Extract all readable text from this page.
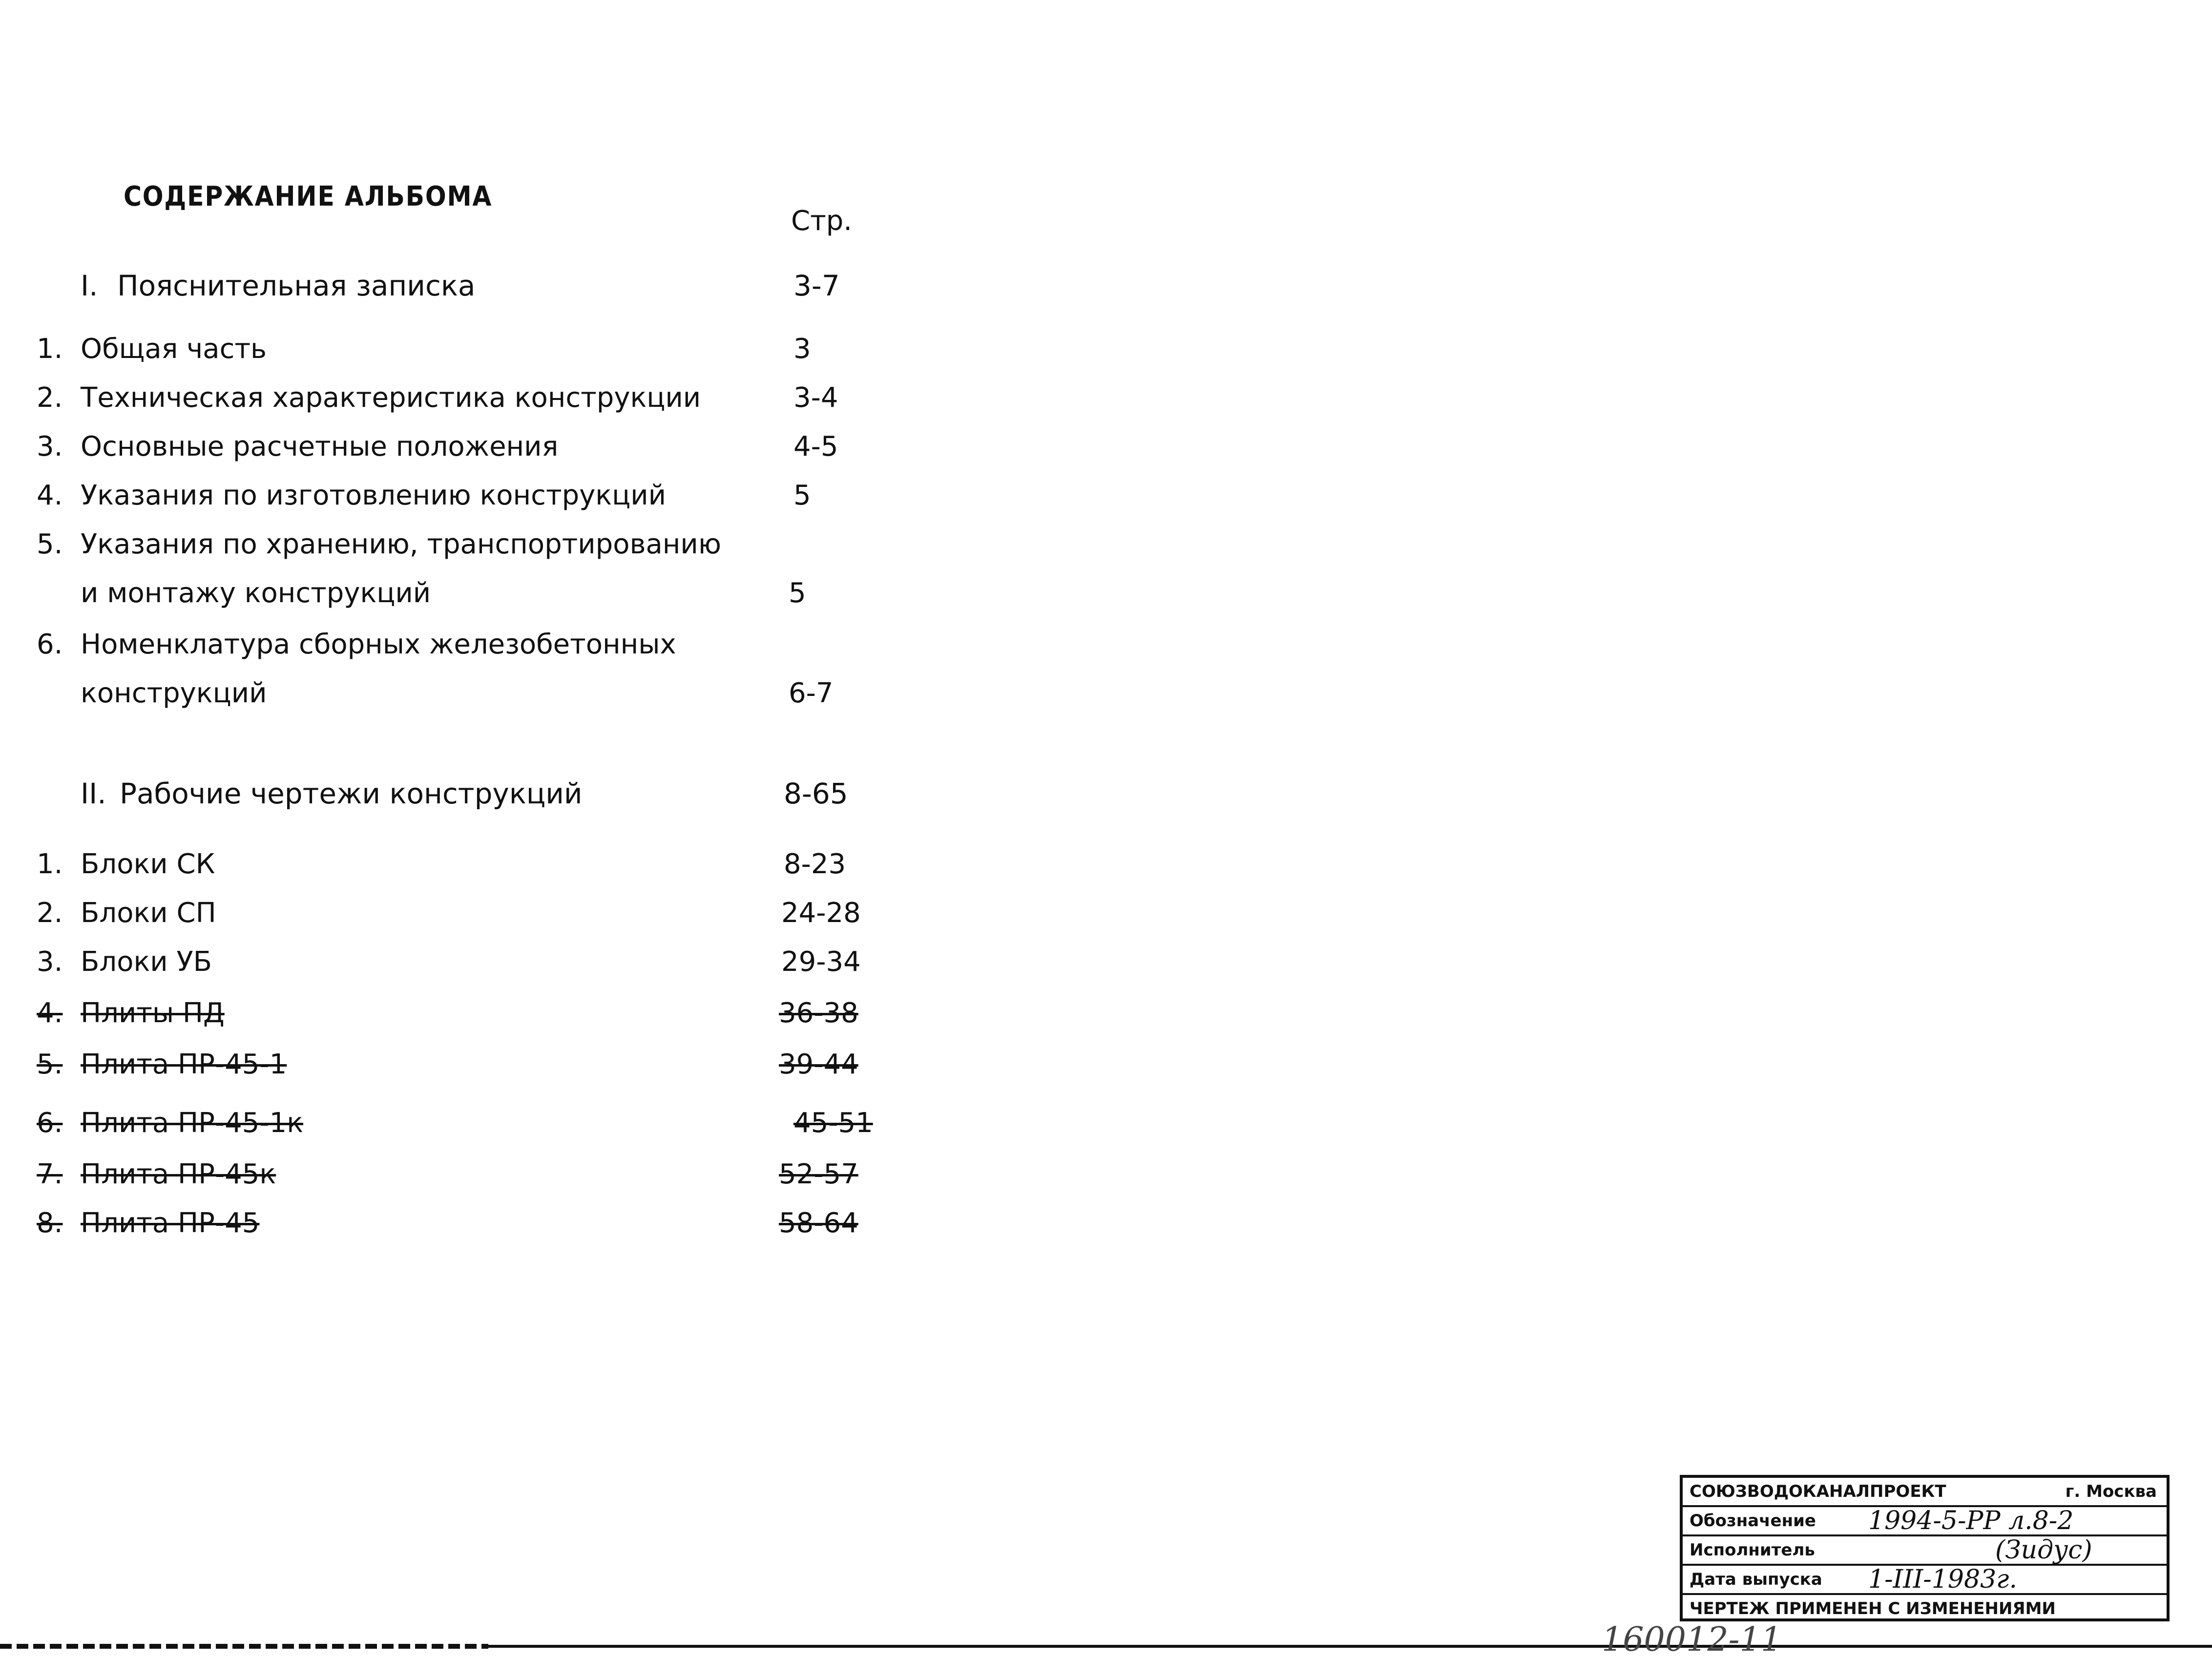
СОДЕРЖАНИЕ АЛЬБОМА
Стр.
I. Пояснительная записка	3-7
1. Общая часть	3
2. Техническая характеристика конструкции	3-4
3. Основные расчетные положения	4-5
4. Указания по изготовлению конструкций	5
5. Указания по хранению, транспортированию
и монтажу конструкций	5
6. Номенклатура сборных железобетонных
конструкций	6-7
II. Рабочие чертежи конструкций	8-65
1. Блоки СК	8-23
2. Блоки СП	24-28
3. Блоки УБ	29-34
4. Плиты ПД	36-38
5. Плита ПР-45-1	39-44
6. Плита ПР-45-1к	45-51
7. Плита ПР-45к	52-57
8. Плита ПР-45	58-64
СОЮЗВОДОКАНАЛПРОЕКТ	г. Москва
Обозначение 1994-5-РР л.8-2
Исполнитель	(Зидус)
Дата выпуска 1-III-1983г.
ЧЕРТЕЖ ПРИМЕНЕН С ИЗМЕНЕНИЯМИ
160012-11
